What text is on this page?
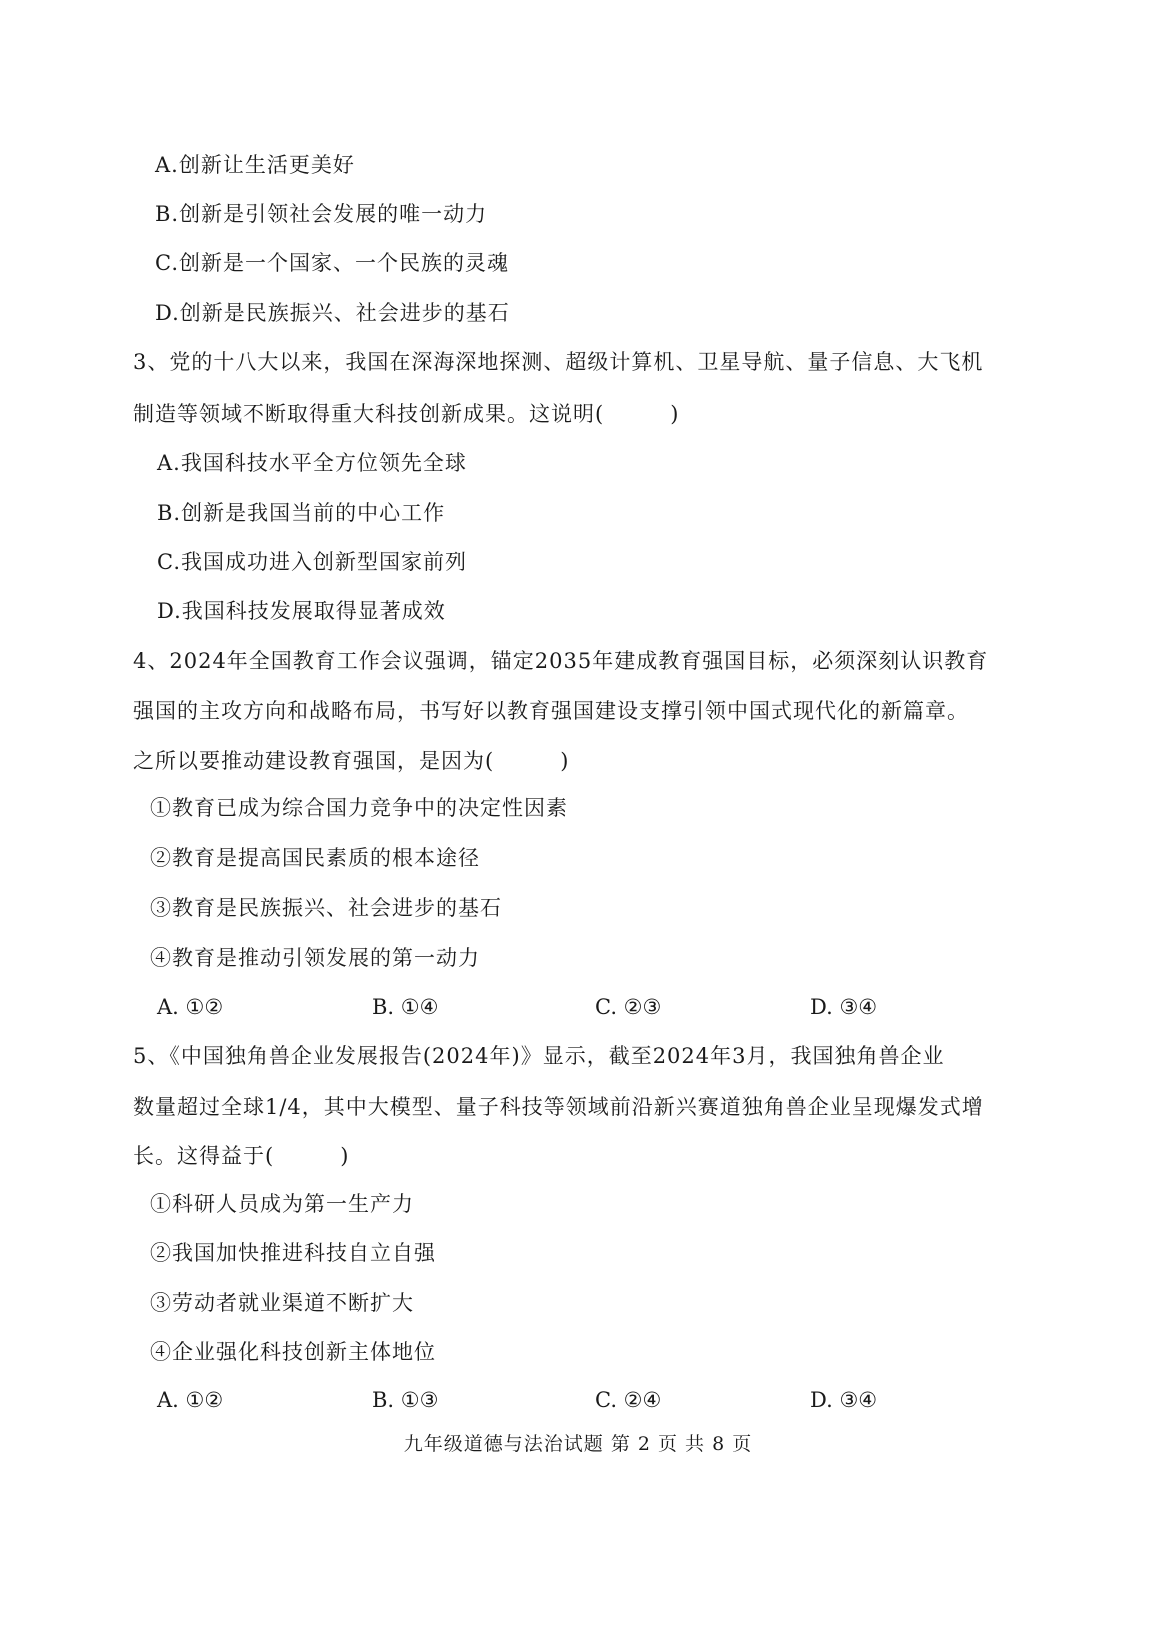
A.创新让生活更美好
B.创新是引领社会发展的唯一动力
C.创新是一个国家、一个民族的灵魂
D.创新是民族振兴、社会进步的基石
3、党的十八大以来，我国在深海深地探测、超级计算机、卫星导航、量子信息、大飞机
制造等领域不断取得重大科技创新成果。这说明(　　　)
A.我国科技水平全方位领先全球
B.创新是我国当前的中心工作
C.我国成功进入创新型国家前列
D.我国科技发展取得显著成效
4、2024年全国教育工作会议强调，锚定2035年建成教育强国目标，必须深刻认识教育
强国的主攻方向和战略布局，书写好以教育强国建设支撑引领中国式现代化的新篇章。
之所以要推动建设教育强国，是因为(　　　)
①教育已成为综合国力竞争中的决定性因素
②教育是提高国民素质的根本途径
③教育是民族振兴、社会进步的基石
④教育是推动引领发展的第一动力
A. ①②	B. ①④	C. ②③	D. ③④
5、《中国独角兽企业发展报告(2024年)》显示，截至2024年3月，我国独角兽企业
数量超过全球1/4，其中大模型、量子科技等领域前沿新兴赛道独角兽企业呈现爆发式增
长。这得益于(　　　)
①科研人员成为第一生产力
②我国加快推进科技自立自强
③劳动者就业渠道不断扩大
④企业强化科技创新主体地位
A. ①②	B. ①③	C. ②④	D. ③④
九年级道德与法治试题 第 2 页 共 8 页
